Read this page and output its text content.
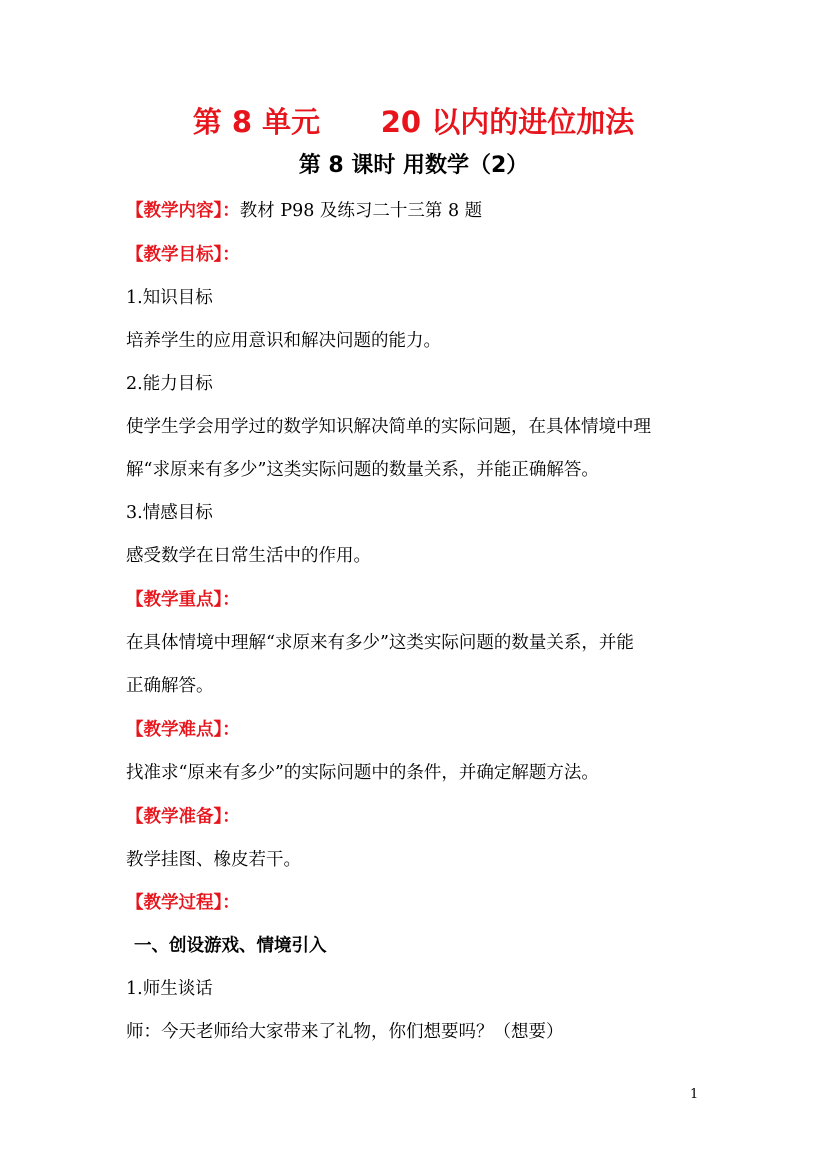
第 8 单元      20 以内的进位加法
第 8 课时 用数学（2）
【教学内容】：教材 P98 及练习二十三第 8 题
【教学目标】：
1.知识目标
培养学生的应用意识和解决问题的能力。
2.能力目标
使学生学会用学过的数学知识解决简单的实际问题，在具体情境中理
解“求原来有多少”这类实际问题的数量关系，并能正确解答。
3.情感目标
感受数学在日常生活中的作用。
【教学重点】：
在具体情境中理解“求原来有多少”这类实际问题的数量关系，并能
正确解答。
【教学难点】：
找准求“原来有多少”的实际问题中的条件，并确定解题方法。
【教学准备】：
教学挂图、橡皮若干。
【教学过程】：
一、创设游戏、情境引入
1.师生谈话
师：今天老师给大家带来了礼物，你们想要吗？（想要）
1
